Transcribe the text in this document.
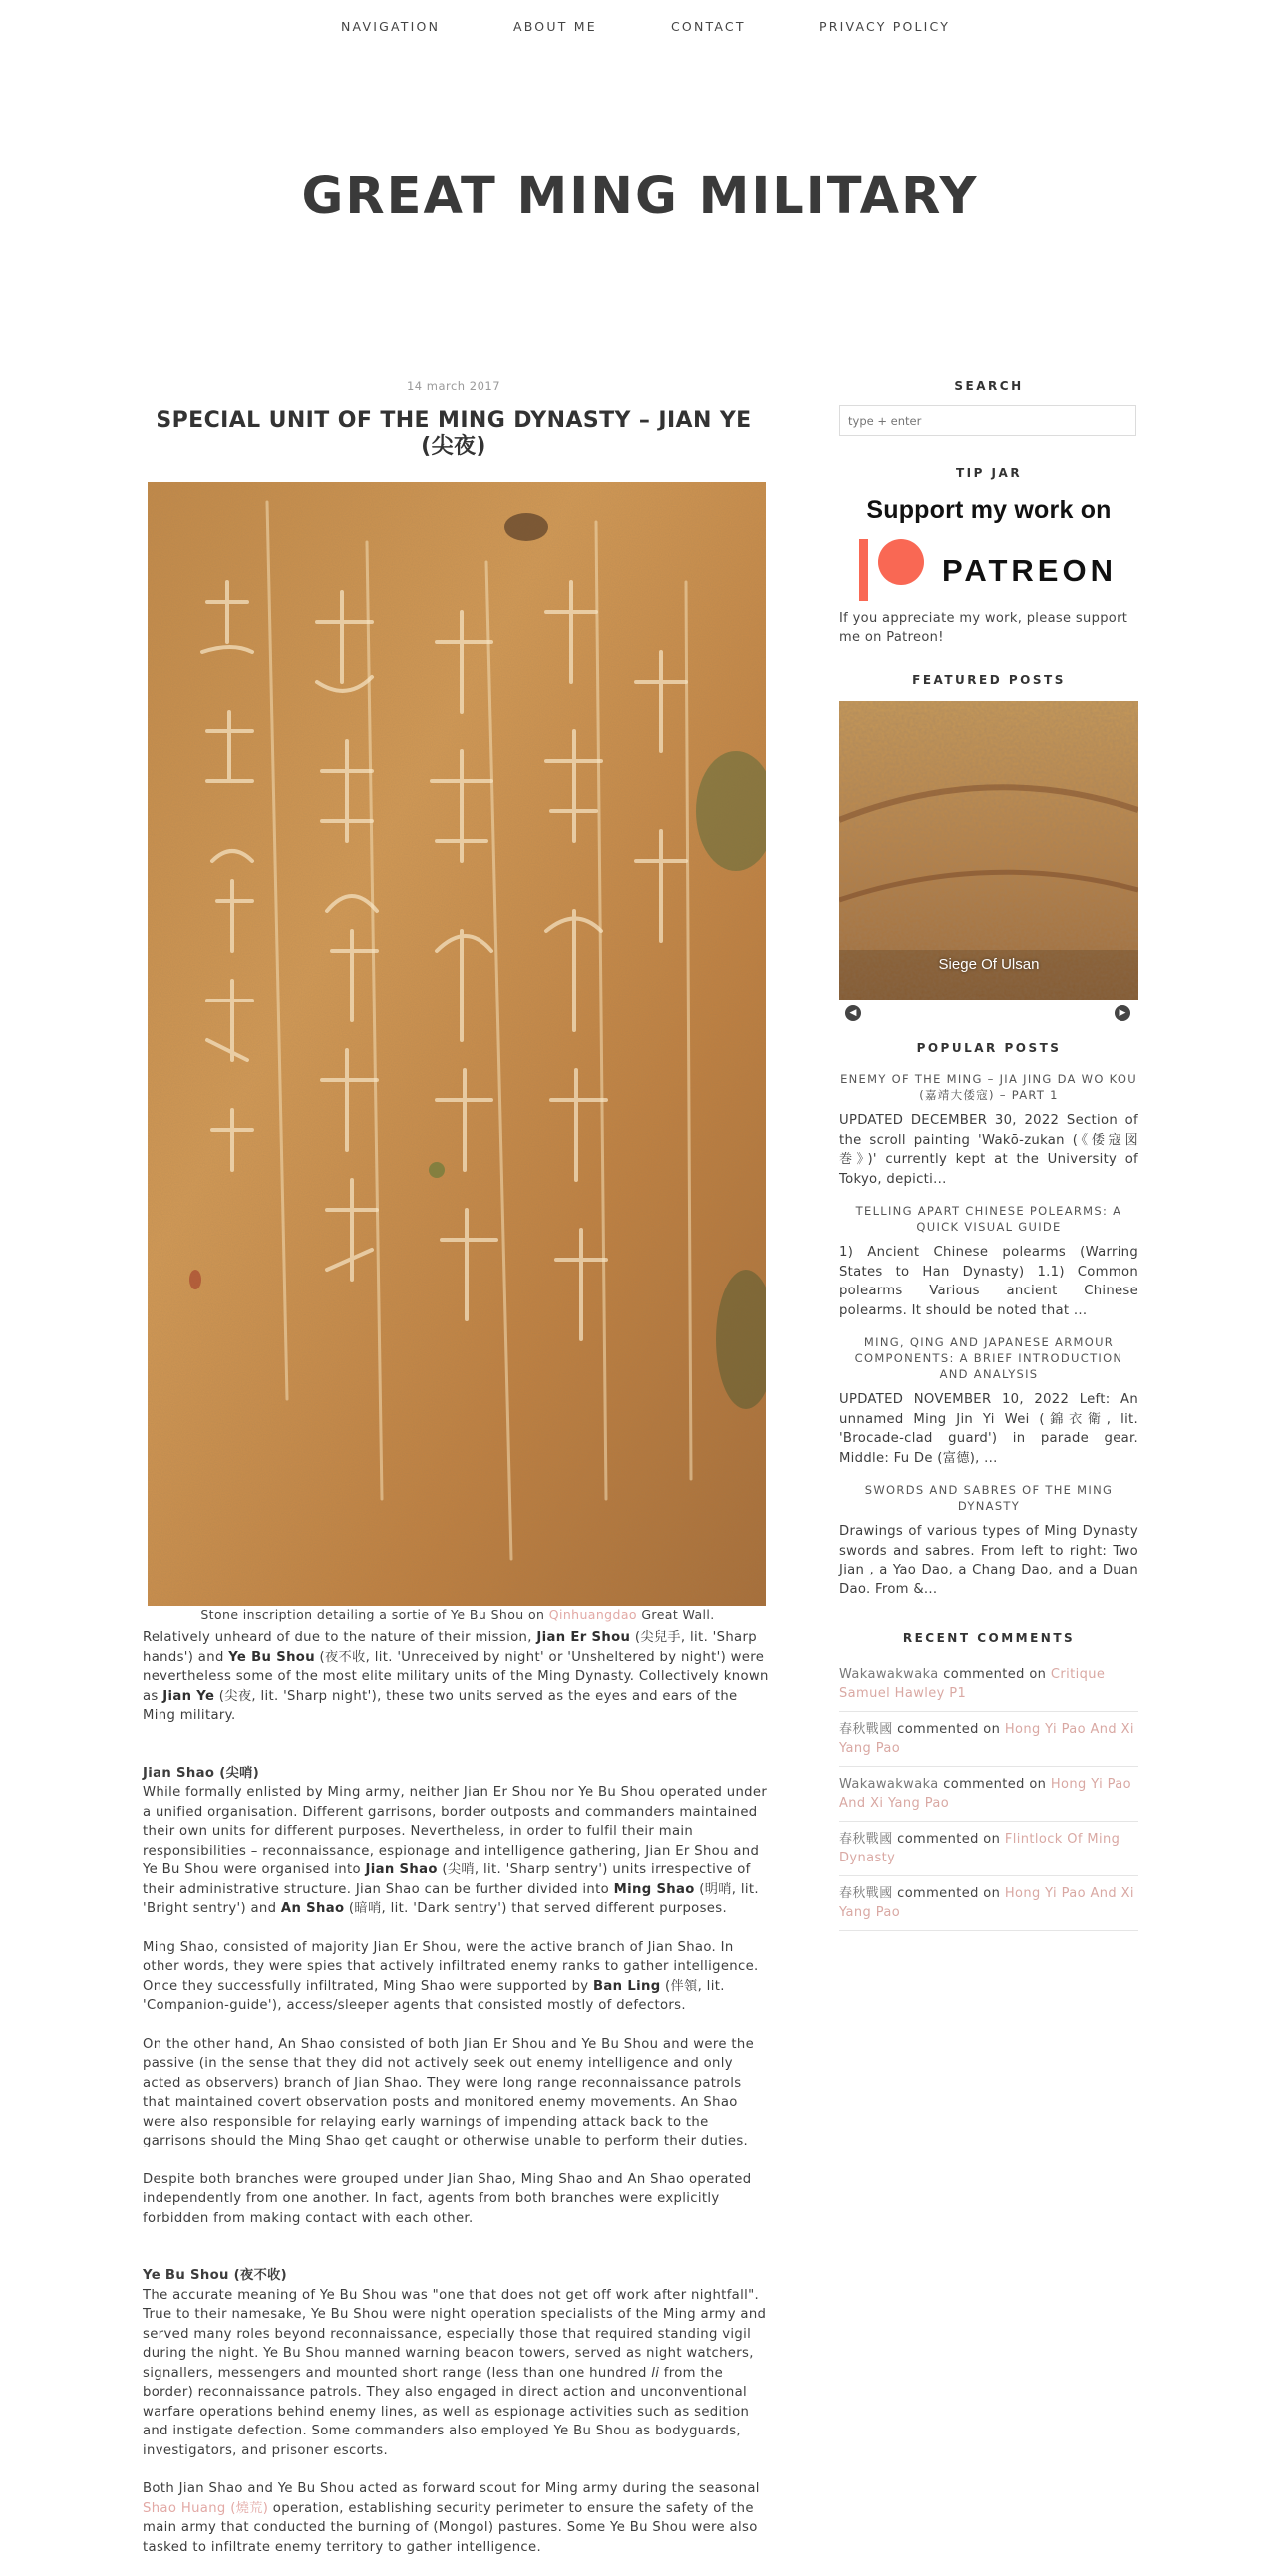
NAVIGATION	ABOUT ME	CONTACT	PRIVACY POLICY
GREAT MING MILITARY
14 march 2017
SPECIAL UNIT OF THE MING DYNASTY – JIAN YE (尖夜)
Stone inscription detailing a sortie of Ye Bu Shou on Qinhuangdao Great Wall.

Relatively unheard of due to the nature of their mission, Jian Er Shou (尖兒手, lit. 'Sharp hands') and Ye Bu Shou (夜不收, lit. 'Unreceived by night' or 'Unsheltered by night') were nevertheless some of the most elite military units of the Ming Dynasty. Collectively known as Jian Ye (尖夜, lit. 'Sharp night'), these two units served as the eyes and ears of the Ming military.

Jian Shao (尖哨)

While formally enlisted by Ming army, neither Jian Er Shou nor Ye Bu Shou operated under a unified organisation. Different garrisons, border outposts and commanders maintained their own units for different purposes. Nevertheless, in order to fulfil their main responsibilities – reconnaissance, espionage and intelligence gathering, Jian Er Shou and Ye Bu Shou were organised into Jian Shao (尖哨, lit. 'Sharp sentry') units irrespective of their administrative structure. Jian Shao can be further divided into Ming Shao (明哨, lit. 'Bright sentry') and An Shao (暗哨, lit. 'Dark sentry') that served different purposes.

Ming Shao, consisted of majority Jian Er Shou, were the active branch of Jian Shao. In other words, they were spies that actively infiltrated enemy ranks to gather intelligence. Once they successfully infiltrated, Ming Shao were supported by Ban Ling (伴領, lit. 'Companion-guide'), access/sleeper agents that consisted mostly of defectors.

On the other hand, An Shao consisted of both Jian Er Shou and Ye Bu Shou and were the passive (in the sense that they did not actively seek out enemy intelligence and only acted as observers) branch of Jian Shao. They were long range reconnaissance patrols that maintained covert observation posts and monitored enemy movements. An Shao were also responsible for relaying early warnings of impending attack back to the garrisons should the Ming Shao get caught or otherwise unable to perform their duties.

Despite both branches were grouped under Jian Shao, Ming Shao and An Shao operated independently from one another. In fact, agents from both branches were explicitly forbidden from making contact with each other.

Ye Bu Shou (夜不收)

The accurate meaning of Ye Bu Shou was "one that does not get off work after nightfall". True to their namesake, Ye Bu Shou were night operation specialists of the Ming army and served many roles beyond reconnaissance, especially those that required standing vigil during the night. Ye Bu Shou manned warning beacon towers, served as night watchers, signallers, messengers and mounted short range (less than one hundred li from the border) reconnaissance patrols. They also engaged in direct action and unconventional warfare operations behind enemy lines, as well as espionage activities such as sedition and instigate defection. Some commanders also employed Ye Bu Shou as bodyguards, investigators, and prisoner escorts.

Both Jian Shao and Ye Bu Shou acted as forward scout for Ming army during the seasonal Shao Huang (燒荒) operation, establishing security perimeter to ensure the safety of the main army that conducted the burning of (Mongol) pastures. Some Ye Bu Shou were also tasked to infiltrate enemy territory to gather intelligence.

SEARCH
type + enter
TIP JAR
Support my work on
PATREON
If you appreciate my work, please support me on Patreon!
FEATURED POSTS
Siege Of Ulsan
◀	▶
POPULAR POSTS
ENEMY OF THE MING – JIA JING DA WO KOU (嘉靖大倭寇) – PART 1
UPDATED DECEMBER 30, 2022 Section of the scroll painting 'Wakō-zukan (《倭寇図巻》)' currently kept at the University of Tokyo, depicti...
TELLING APART CHINESE POLEARMS: A QUICK VISUAL GUIDE
1) Ancient Chinese polearms (Warring States to Han Dynasty) 1.1) Common polearms Various ancient Chinese polearms. It should be noted that ...
MING, QING AND JAPANESE ARMOUR COMPONENTS: A BRIEF INTRODUCTION AND ANALYSIS
UPDATED NOVEMBER 10, 2022 Left: An unnamed Ming Jin Yi Wei (錦衣衛, lit. 'Brocade-clad guard') in parade gear. Middle: Fu De (富德), ...
SWORDS AND SABRES OF THE MING DYNASTY
Drawings of various types of Ming Dynasty swords and sabres. From left to right: Two Jian , a Yao Dao, a Chang Dao, and a Duan Dao. From &...
RECENT COMMENTS
Wakawakwaka commented on Critique Samuel Hawley P1
春秋戰國 commented on Hong Yi Pao And Xi Yang Pao
Wakawakwaka commented on Hong Yi Pao And Xi Yang Pao
春秋戰國 commented on Flintlock Of Ming Dynasty
春秋戰國 commented on Hong Yi Pao And Xi Yang Pao
